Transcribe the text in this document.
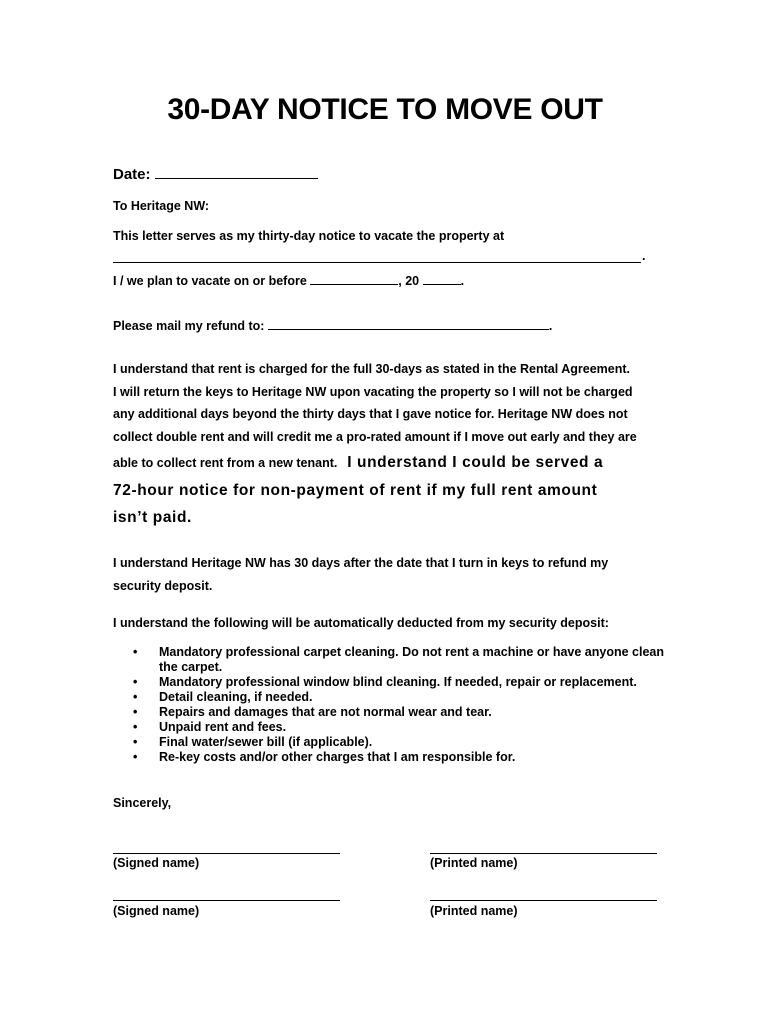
30-DAY NOTICE TO MOVE OUT
Date:
To Heritage NW:
This letter serves as my thirty-day notice to vacate the property at
.
I / we plan to vacate on or before	, 20	.
Please mail my refund to:	.
I understand that rent is charged for the full 30-days as stated in the Rental Agreement.
I will return the keys to Heritage NW upon vacating the property so I will not be charged
any additional days beyond the thirty days that I gave notice for. Heritage NW does not
collect double rent and will credit me a pro-rated amount if I move out early and they are
able to collect rent from a new tenant. I understand I could be served a
72-hour notice for non-payment of rent if my full rent amount
isn’t paid.
I understand Heritage NW has 30 days after the date that I turn in keys to refund my
security deposit.
I understand the following will be automatically deducted from my security deposit:
• Mandatory professional carpet cleaning. Do not rent a machine or have anyone clean the carpet.
• Mandatory professional window blind cleaning. If needed, repair or replacement.
• Detail cleaning, if needed.
• Repairs and damages that are not normal wear and tear.
• Unpaid rent and fees.
• Final water/sewer bill (if applicable).
• Re-key costs and/or other charges that I am responsible for.
Sincerely,
(Signed name)	(Printed name)
(Signed name)	(Printed name)
